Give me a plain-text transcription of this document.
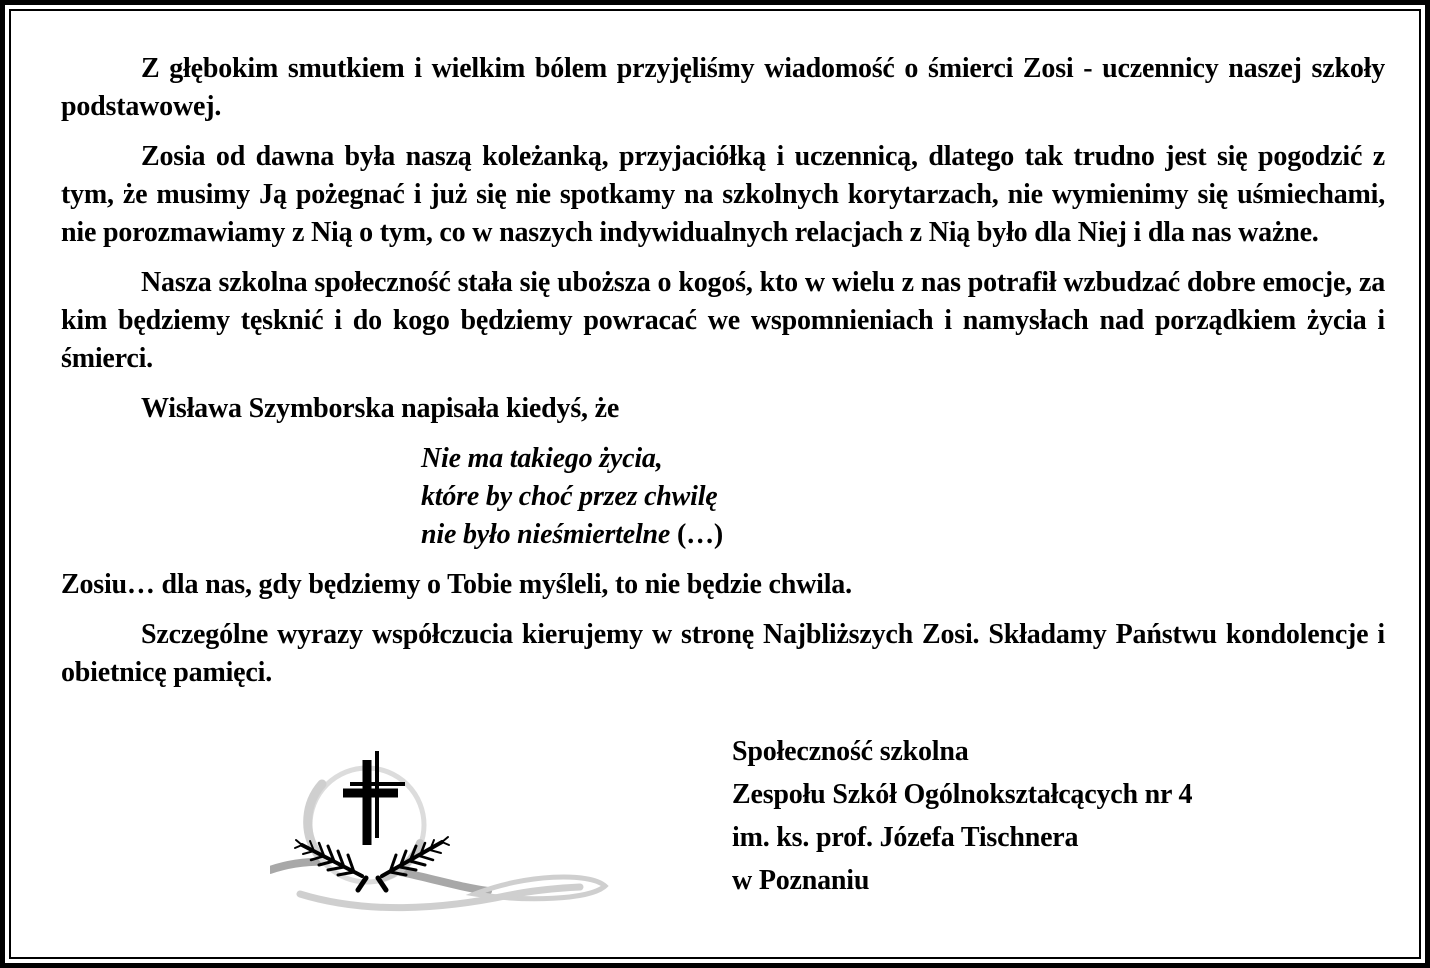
Z głębokim smutkiem i wielkim bólem przyjęliśmy wiadomość o śmierci Zosi - uczennicy naszej szkoły podstawowej.

Zosia od dawna była naszą koleżanką, przyjaciółką i uczennicą, dlatego tak trudno jest się pogodzić z tym, że musimy Ją pożegnać i już się nie spotkamy na szkolnych korytarzach, nie wymienimy się uśmiechami, nie porozmawiamy z Nią o tym, co w naszych indywidualnych relacjach z Nią było dla Niej i dla nas ważne.

Nasza szkolna społeczność stała się uboższa o kogoś, kto w wielu z nas potrafił wzbudzać dobre emocje, za kim będziemy tęsknić i do kogo będziemy powracać we wspomnieniach i namysłach nad porządkiem życia i śmierci.

Wisława Szymborska napisała kiedyś, że

Nie ma takiego życia,
które by choć przez chwilę
nie było nieśmiertelne (…)

Zosiu… dla nas, gdy będziemy o Tobie myśleli, to nie będzie chwila.

Szczególne wyrazy współczucia kierujemy w stronę Najbliższych Zosi. Składamy Państwu kondolencje i obietnicę pamięci.

Społeczność szkolna
Zespołu Szkół Ogólnokształcących nr 4
im. ks. prof. Józefa Tischnera
w Poznaniu
